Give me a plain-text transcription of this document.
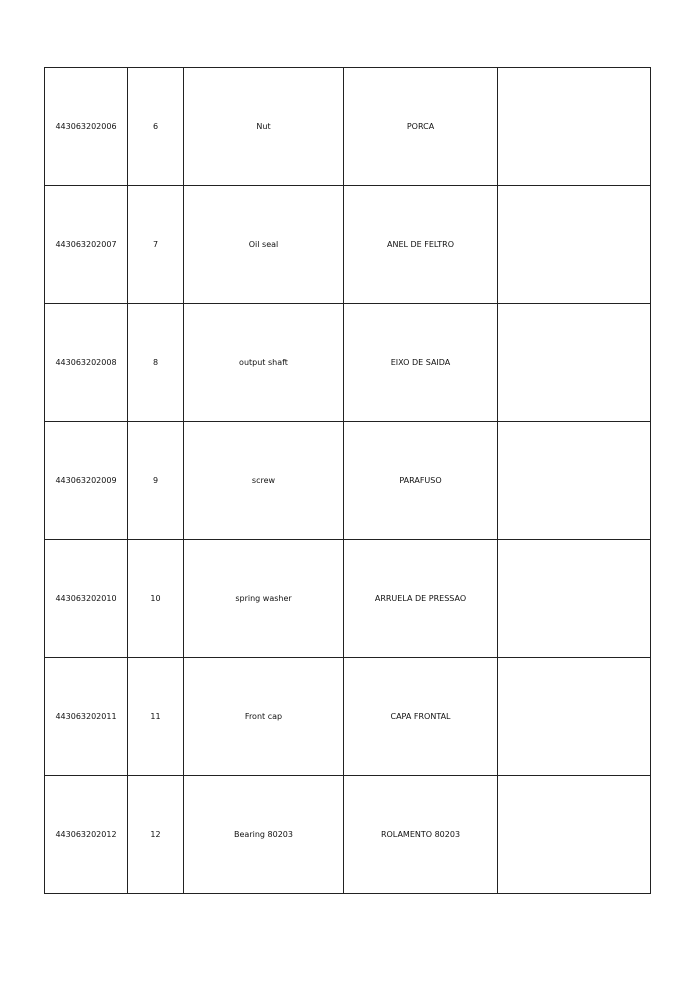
443063202006	6	Nut	PORCA	
443063202007	7	Oil seal	ANEL DE FELTRO	
443063202008	8	output shaft	EIXO DE SAIDA	
443063202009	9	screw	PARAFUSO	
443063202010	10	spring washer	ARRUELA DE PRESSAO	
443063202011	11	Front cap	CAPA FRONTAL	
443063202012	12	Bearing 80203	ROLAMENTO 80203	
